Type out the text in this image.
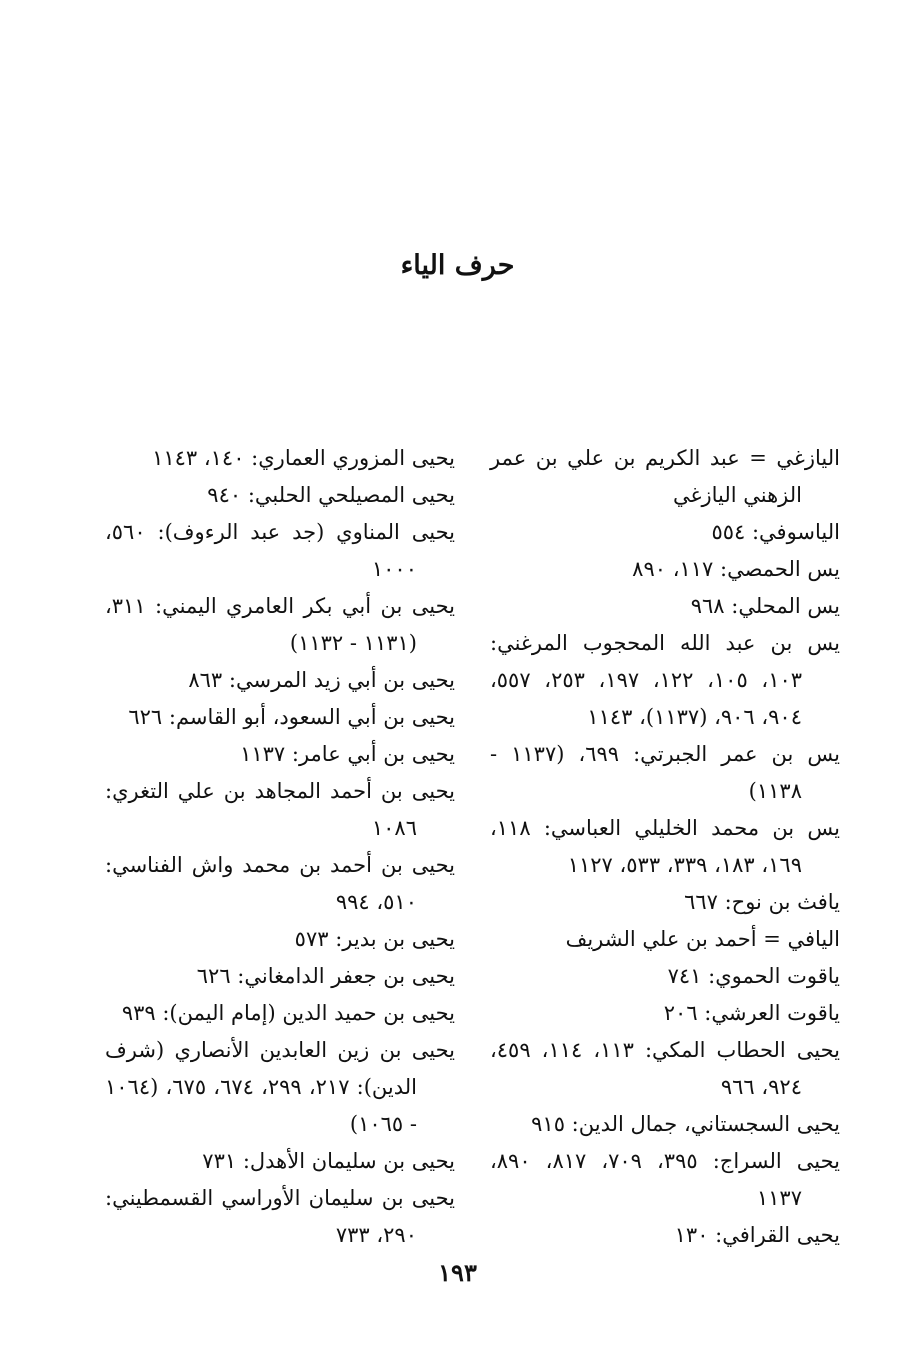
حرف الياء

اليازغي = عبد الكريم بن علي بن عمر الزهني اليازغي

الياسوفي: ٥٥٤

يس الحمصي: ١١٧، ٨٩٠

يس المحلي: ٩٦٨

يس بن عبد الله المحجوب المرغني: ١٠٣، ١٠٥، ١٢٢، ١٩٧، ٢٥٣، ٥٥٧، ٩٠٤، ٩٠٦، (١١٣٧)، ١١٤٣

يس بن عمر الجبرتي: ٦٩٩، (١١٣٧ - ١١٣٨)

يس بن محمد الخليلي العباسي: ١١٨، ١٦٩، ١٨٣، ٣٣٩، ٥٣٣، ١١٢٧

يافث بن نوح: ٦٦٧

اليافي = أحمد بن علي الشريف

ياقوت الحموي: ٧٤١

ياقوت العرشي: ٢٠٦

يحيى الحطاب المكي: ١١٣، ١١٤، ٤٥٩، ٩٢٤، ٩٦٦

يحيى السجستاني، جمال الدين: ٩١٥

يحيى السراج: ٣٩٥، ٧٠٩، ٨١٧، ٨٩٠، ١١٣٧

يحيى القرافي: ١٣٠

يحيى المزوري العماري: ١٤٠، ١١٤٣

يحيى المصيلحي الحلبي: ٩٤٠

يحيى المناوي (جد عبد الرءوف): ٥٦٠، ١٠٠٠

يحيى بن أبي بكر العامري اليمني: ٣١١، (١١٣١ - ١١٣٢)

يحيى بن أبي زيد المرسي: ٨٦٣

يحيى بن أبي السعود، أبو القاسم: ٦٢٦

يحيى بن أبي عامر: ١١٣٧

يحيى بن أحمد المجاهد بن علي التغري: ١٠٨٦

يحيى بن أحمد بن محمد واش الفناسي: ٥١٠، ٩٩٤

يحيى بن بدير: ٥٧٣

يحيى بن جعفر الدامغاني: ٦٢٦

يحيى بن حميد الدين (إمام اليمن): ٩٣٩

يحيى بن زين العابدين الأنصاري (شرف الدين): ٢١٧، ٢٩٩، ٦٧٤، ٦٧٥، (١٠٦٤ - ١٠٦٥)

يحيى بن سليمان الأهدل: ٧٣١

يحيى بن سليمان الأوراسي القسمطيني: ٢٩٠، ٧٣٣

١٩٣
